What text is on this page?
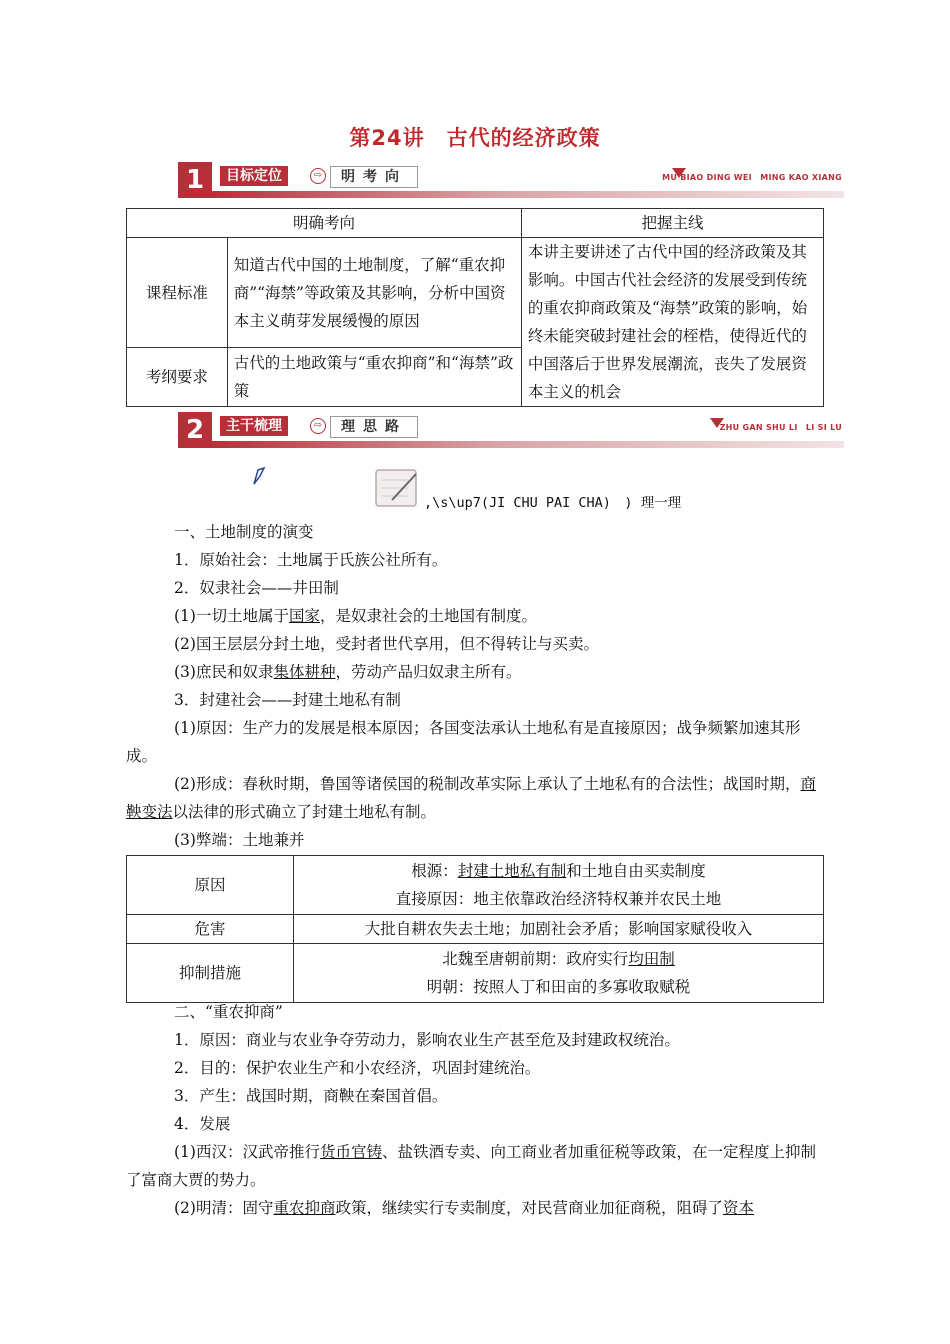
第24讲　古代的经济政策
1	目标定位	⇨	明考向	MU BIAO DING WEI　MING KAO XIANG
明确考向		把握主线
课程标准	知道古代中国的土地制度，了解“重农抑商”“海禁”等政策及其影响，分析中国资本主义萌芽发展缓慢的原因	本讲主要讲述了古代中国的经济政策及其影响。中国古代社会经济的发展受到传统的重农抑商政策及“海禁”政策的影响，始终未能突破封建社会的桎梏，使得近代的中国落后于世界发展潮流，丧失了发展资本主义的机会
考纲要求	古代的土地政策与“重农抑商”和“海禁”政策	
2	主干梳理	⇨	理思路	ZHU GAN SHU LI　LI SI LU
,\s\up7(JI CHU PAI CHA)　) 理一理
一、土地制度的演变
1．原始社会：土地属于氏族公社所有。
2．奴隶社会——井田制
(1)一切土地属于国家，是奴隶社会的土地国有制度。
(2)国王层层分封土地，受封者世代享用，但不得转让与买卖。
(3)庶民和奴隶集体耕种，劳动产品归奴隶主所有。
3．封建社会——封建土地私有制
(1)原因：生产力的发展是根本原因；各国变法承认土地私有是直接原因；战争频繁加速其形成。
(2)形成：春秋时期，鲁国等诸侯国的税制改革实际上承认了土地私有的合法性；战国时期，商鞅变法以法律的形式确立了封建土地私有制。
(3)弊端：土地兼并
原因	根源：封建土地私有制和土地自由买卖制度
直接原因：地主依靠政治经济特权兼并农民土地

危害	大批自耕农失去土地；加剧社会矛盾；影响国家赋役收入
抑制措施	北魏至唐朝前期：政府实行均田制
明朝：按照人丁和田亩的多寡收取赋税
二、“重农抑商”
1．原因：商业与农业争夺劳动力，影响农业生产甚至危及封建政权统治。
2．目的：保护农业生产和小农经济，巩固封建统治。
3．产生：战国时期，商鞅在秦国首倡。
4．发展
(1)西汉：汉武帝推行货币官铸、盐铁酒专卖、向工商业者加重征税等政策，在一定程度上抑制了富商大贾的势力。
(2)明清：固守重农抑商政策，继续实行专卖制度，对民营商业加征商税，阻碍了资本
